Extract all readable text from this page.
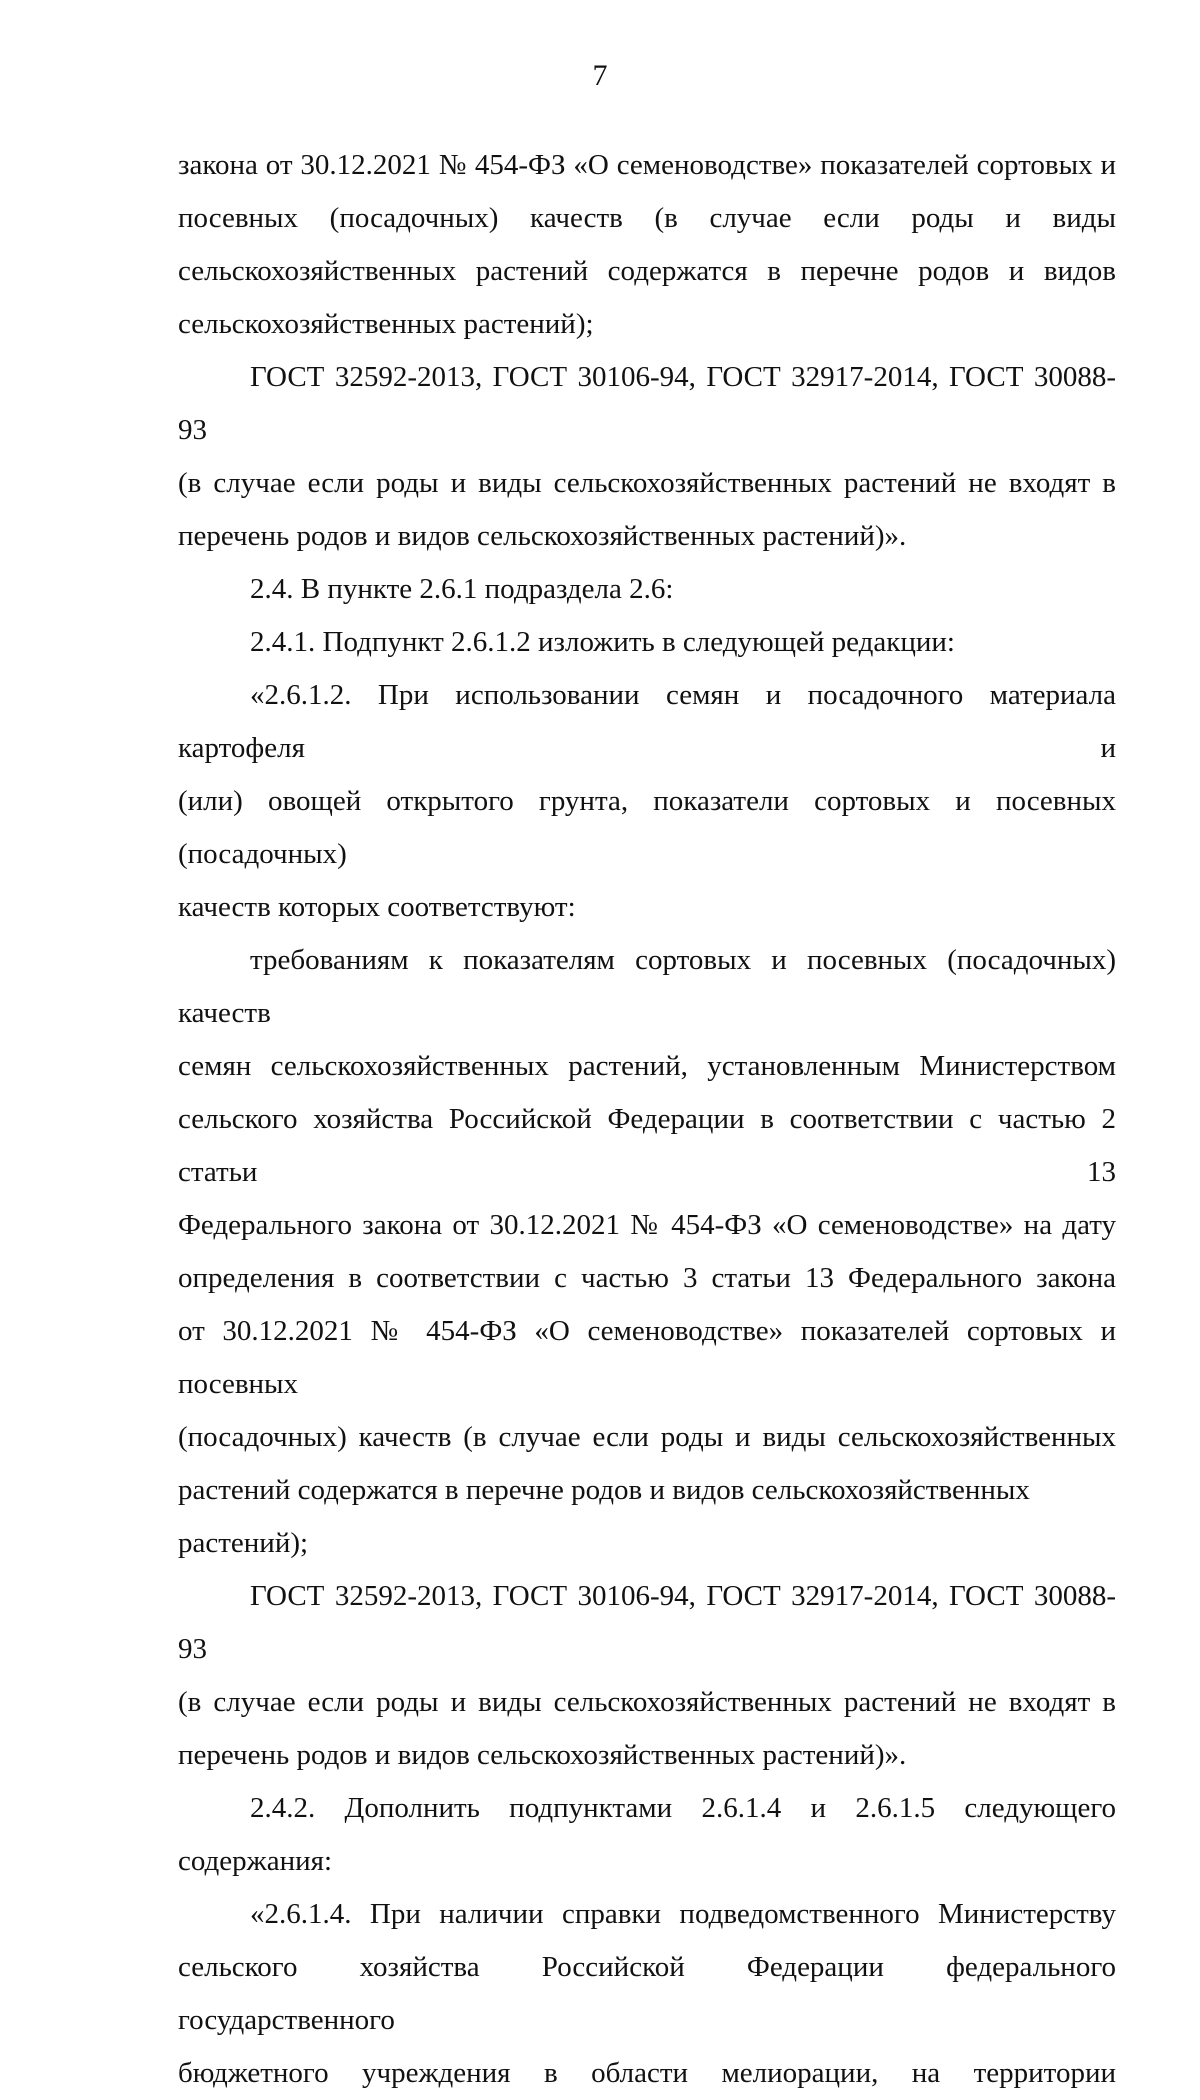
7

закона от 30.12.2021 № 454-ФЗ «О семеноводстве» показателей сортовых и
посевных (посадочных) качеств (в случае если роды и виды
сельскохозяйственных растений содержатся в перечне родов и видов
сельскохозяйственных растений);

ГОСТ 32592-2013, ГОСТ 30106-94, ГОСТ 32917-2014, ГОСТ 30088-93
(в случае если роды и виды сельскохозяйственных растений не входят в
перечень родов и видов сельскохозяйственных растений)».

2.4. В пункте 2.6.1 подраздела 2.6:

2.4.1. Подпункт 2.6.1.2 изложить в следующей редакции:

«2.6.1.2. При использовании семян и посадочного материала картофеля и
(или) овощей открытого грунта, показатели сортовых и посевных (посадочных)
качеств которых соответствуют:

требованиям к показателям сортовых и посевных (посадочных) качеств
семян сельскохозяйственных растений, установленным Министерством
сельского хозяйства Российской Федерации в соответствии с частью 2 статьи 13
Федерального закона от 30.12.2021 № 454-ФЗ «О семеноводстве» на дату
определения в соответствии с частью 3 статьи 13 Федерального закона
от 30.12.2021 № 454-ФЗ «О семеноводстве» показателей сортовых и посевных
(посадочных) качеств (в случае если роды и виды сельскохозяйственных
растений содержатся в перечне родов и видов сельскохозяйственных растений);

ГОСТ 32592-2013, ГОСТ 30106-94, ГОСТ 32917-2014, ГОСТ 30088-93
(в случае если роды и виды сельскохозяйственных растений не входят в
перечень родов и видов сельскохозяйственных растений)».

2.4.2. Дополнить подпунктами 2.6.1.4 и 2.6.1.5 следующего
содержания:

«2.6.1.4. При наличии справки подведомственного Министерству
сельского хозяйства Российской Федерации федерального государственного
бюджетного учреждения в области мелиорации, на территории
